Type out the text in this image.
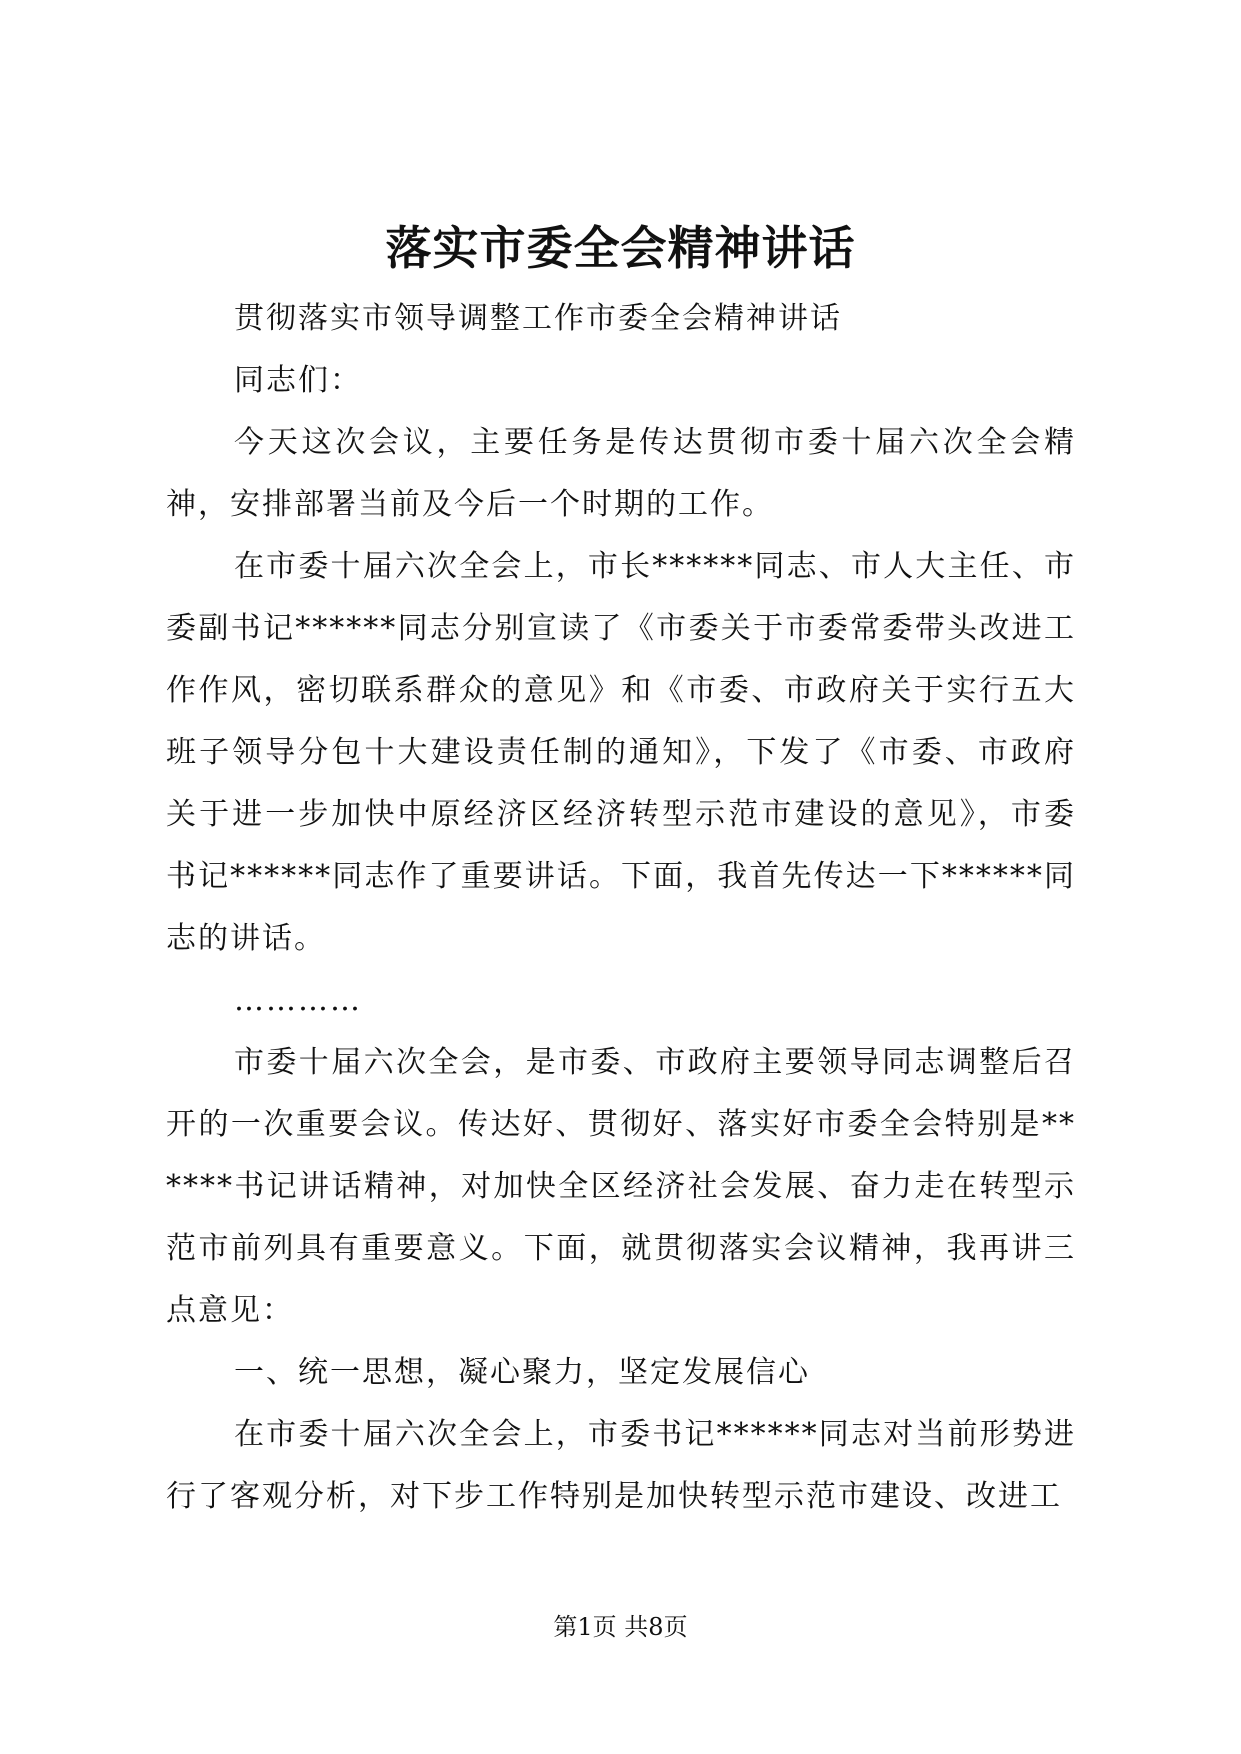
落实市委全会精神讲话

贯彻落实市领导调整工作市委全会精神讲话

同志们：

今天这次会议，主要任务是传达贯彻市委十届六次全会精神，安排部署当前及今后一个时期的工作。

在市委十届六次全会上，市长******同志、市人大主任、市委副书记******同志分别宣读了《市委关于市委常委带头改进工作作风，密切联系群众的意见》和《市委、市政府关于实行五大班子领导分包十大建设责任制的通知》，下发了《市委、市政府关于进一步加快中原经济区经济转型示范市建设的意见》，市委书记******同志作了重要讲话。下面，我首先传达一下******同志的讲话。

…………

市委十届六次全会，是市委、市政府主要领导同志调整后召开的一次重要会议。传达好、贯彻好、落实好市委全会特别是******书记讲话精神，对加快全区经济社会发展、奋力走在转型示范市前列具有重要意义。下面，就贯彻落实会议精神，我再讲三点意见：

一、统一思想，凝心聚力，坚定发展信心

在市委十届六次全会上，市委书记******同志对当前形势进行了客观分析，对下步工作特别是加快转型示范市建设、改进工

第1页 共8页
